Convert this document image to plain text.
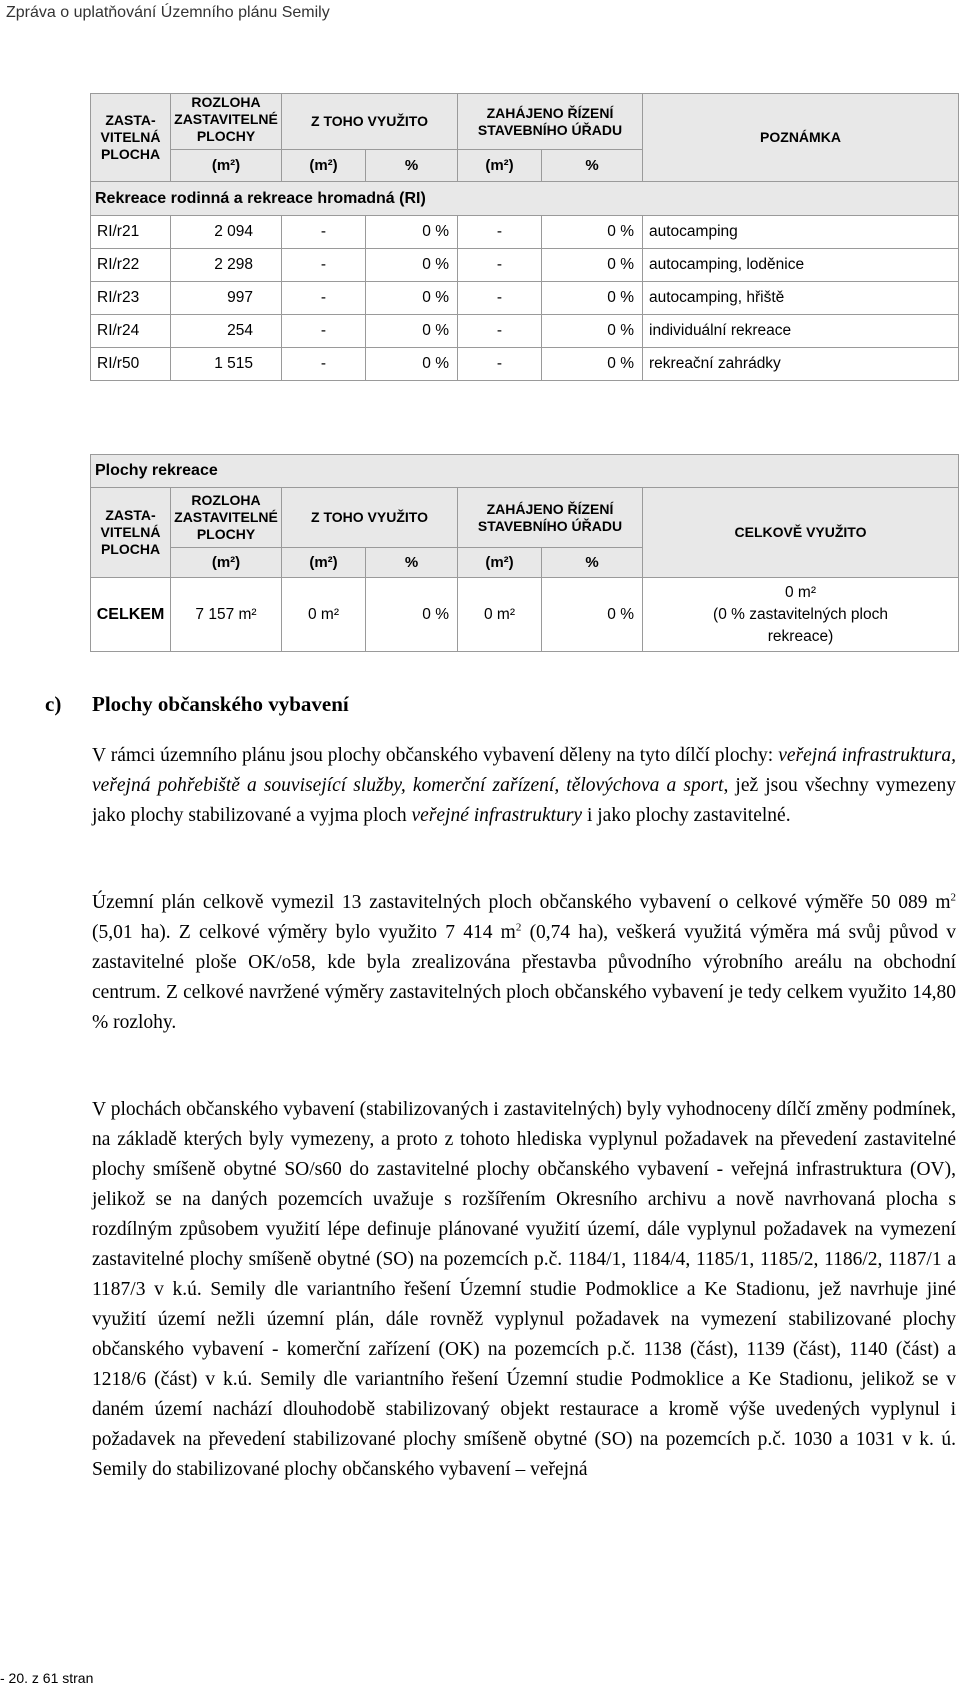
Zpráva o uplatňování Územního plánu Semily
ZASTA-
VITELNÁ
PLOCHA	ROZLOHA
ZASTAVITELNÉ
PLOCHY	Z TOHO VYUŽITO		ZAHÁJENO ŘÍZENÍ
STAVEBNÍHO ÚŘADU		POZNÁMKA
	(m²)	(m²)	%	(m²)	%	
Rekreace rodinná a rekreace hromadná (RI)						
RI/r21	2 094	-	0 %	-	0 %	autocamping
RI/r22	2 298	-	0 %	-	0 %	autocamping, loděnice
RI/r23	997	-	0 %	-	0 %	autocamping, hřiště
RI/r24	254	-	0 %	-	0 %	individuální rekreace
RI/r50	1 515	-	0 %	-	0 %	rekreační zahrádky
Plochy rekreace						
ZASTA-
VITELNÁ
PLOCHA	ROZLOHA
ZASTAVITELNÉ
PLOCHY	Z TOHO VYUŽITO		ZAHÁJENO ŘÍZENÍ
STAVEBNÍHO ÚŘADU		CELKOVĚ VYUŽITO
	(m²)	(m²)	%	(m²)	%	
CELKEM	7 157 m²	0 m²	0 %	0 m²	0 %	0 m²
(0 % zastavitelných ploch
rekreace)
c) Plochy občanského vybavení

V rámci územního plánu jsou plochy občanského vybavení děleny na tyto dílčí plochy: veřejná infrastruktura, veřejná pohřebiště a související služby, komerční zařízení, tělovýchova a sport, jež jsou všechny vymezeny jako plochy stabilizované a vyjma ploch veřejné infrastruktury i jako plochy zastavitelné.

Územní plán celkově vymezil 13 zastavitelných ploch občanského vybavení o celkové výměře 50 089 $m^2$ (5,01 ha). Z celkové výměry bylo využito 7 414 $m^2$ (0,74 ha), veškerá využitá výměra má svůj původ v zastavitelné ploše OK/o58, kde byla zrealizována přestavba původního výrobního areálu na obchodní centrum. Z celkové navržené výměry zastavitelných ploch občanského vybavení je tedy celkem využito 14,80 % rozlohy.

V plochách občanského vybavení (stabilizovaných i zastavitelných) byly vyhodnoceny dílčí změny podmínek, na základě kterých byly vymezeny, a proto z tohoto hlediska vyplynul požadavek na převedení zastavitelné plochy smíšeně obytné SO/s60 do zastavitelné plochy občanského vybavení - veřejná infrastruktura (OV), jelikož se na daných pozemcích uvažuje s rozšířením Okresního archivu a nově navrhovaná plocha s rozdílným způsobem využití lépe definuje plánované využití území, dále vyplynul požadavek na vymezení zastavitelné plochy smíšeně obytné (SO) na pozemcích p.č. 1184/1, 1184/4, 1185/1, 1185/2, 1186/2, 1187/1 a 1187/3 v k.ú. Semily dle variantního řešení Územní studie Podmoklice a Ke Stadionu, jež navrhuje jiné využití území nežli územní plán, dále rovněž vyplynul požadavek na vymezení stabilizované plochy občanského vybavení - komerční zařízení (OK) na pozemcích p.č. 1138 (část), 1139 (část), 1140 (část) a 1218/6 (část) v k.ú. Semily dle variantního řešení Územní studie Podmoklice a Ke Stadionu, jelikož se v daném území nachází dlouhodobě stabilizovaný objekt restaurace a kromě výše uvedených vyplynul i požadavek na převedení stabilizované plochy smíšeně obytné (SO) na pozemcích p.č. 1030 a 1031 v k. ú. Semily do stabilizované plochy občanského vybavení – veřejná

- 20. z 61 stran
